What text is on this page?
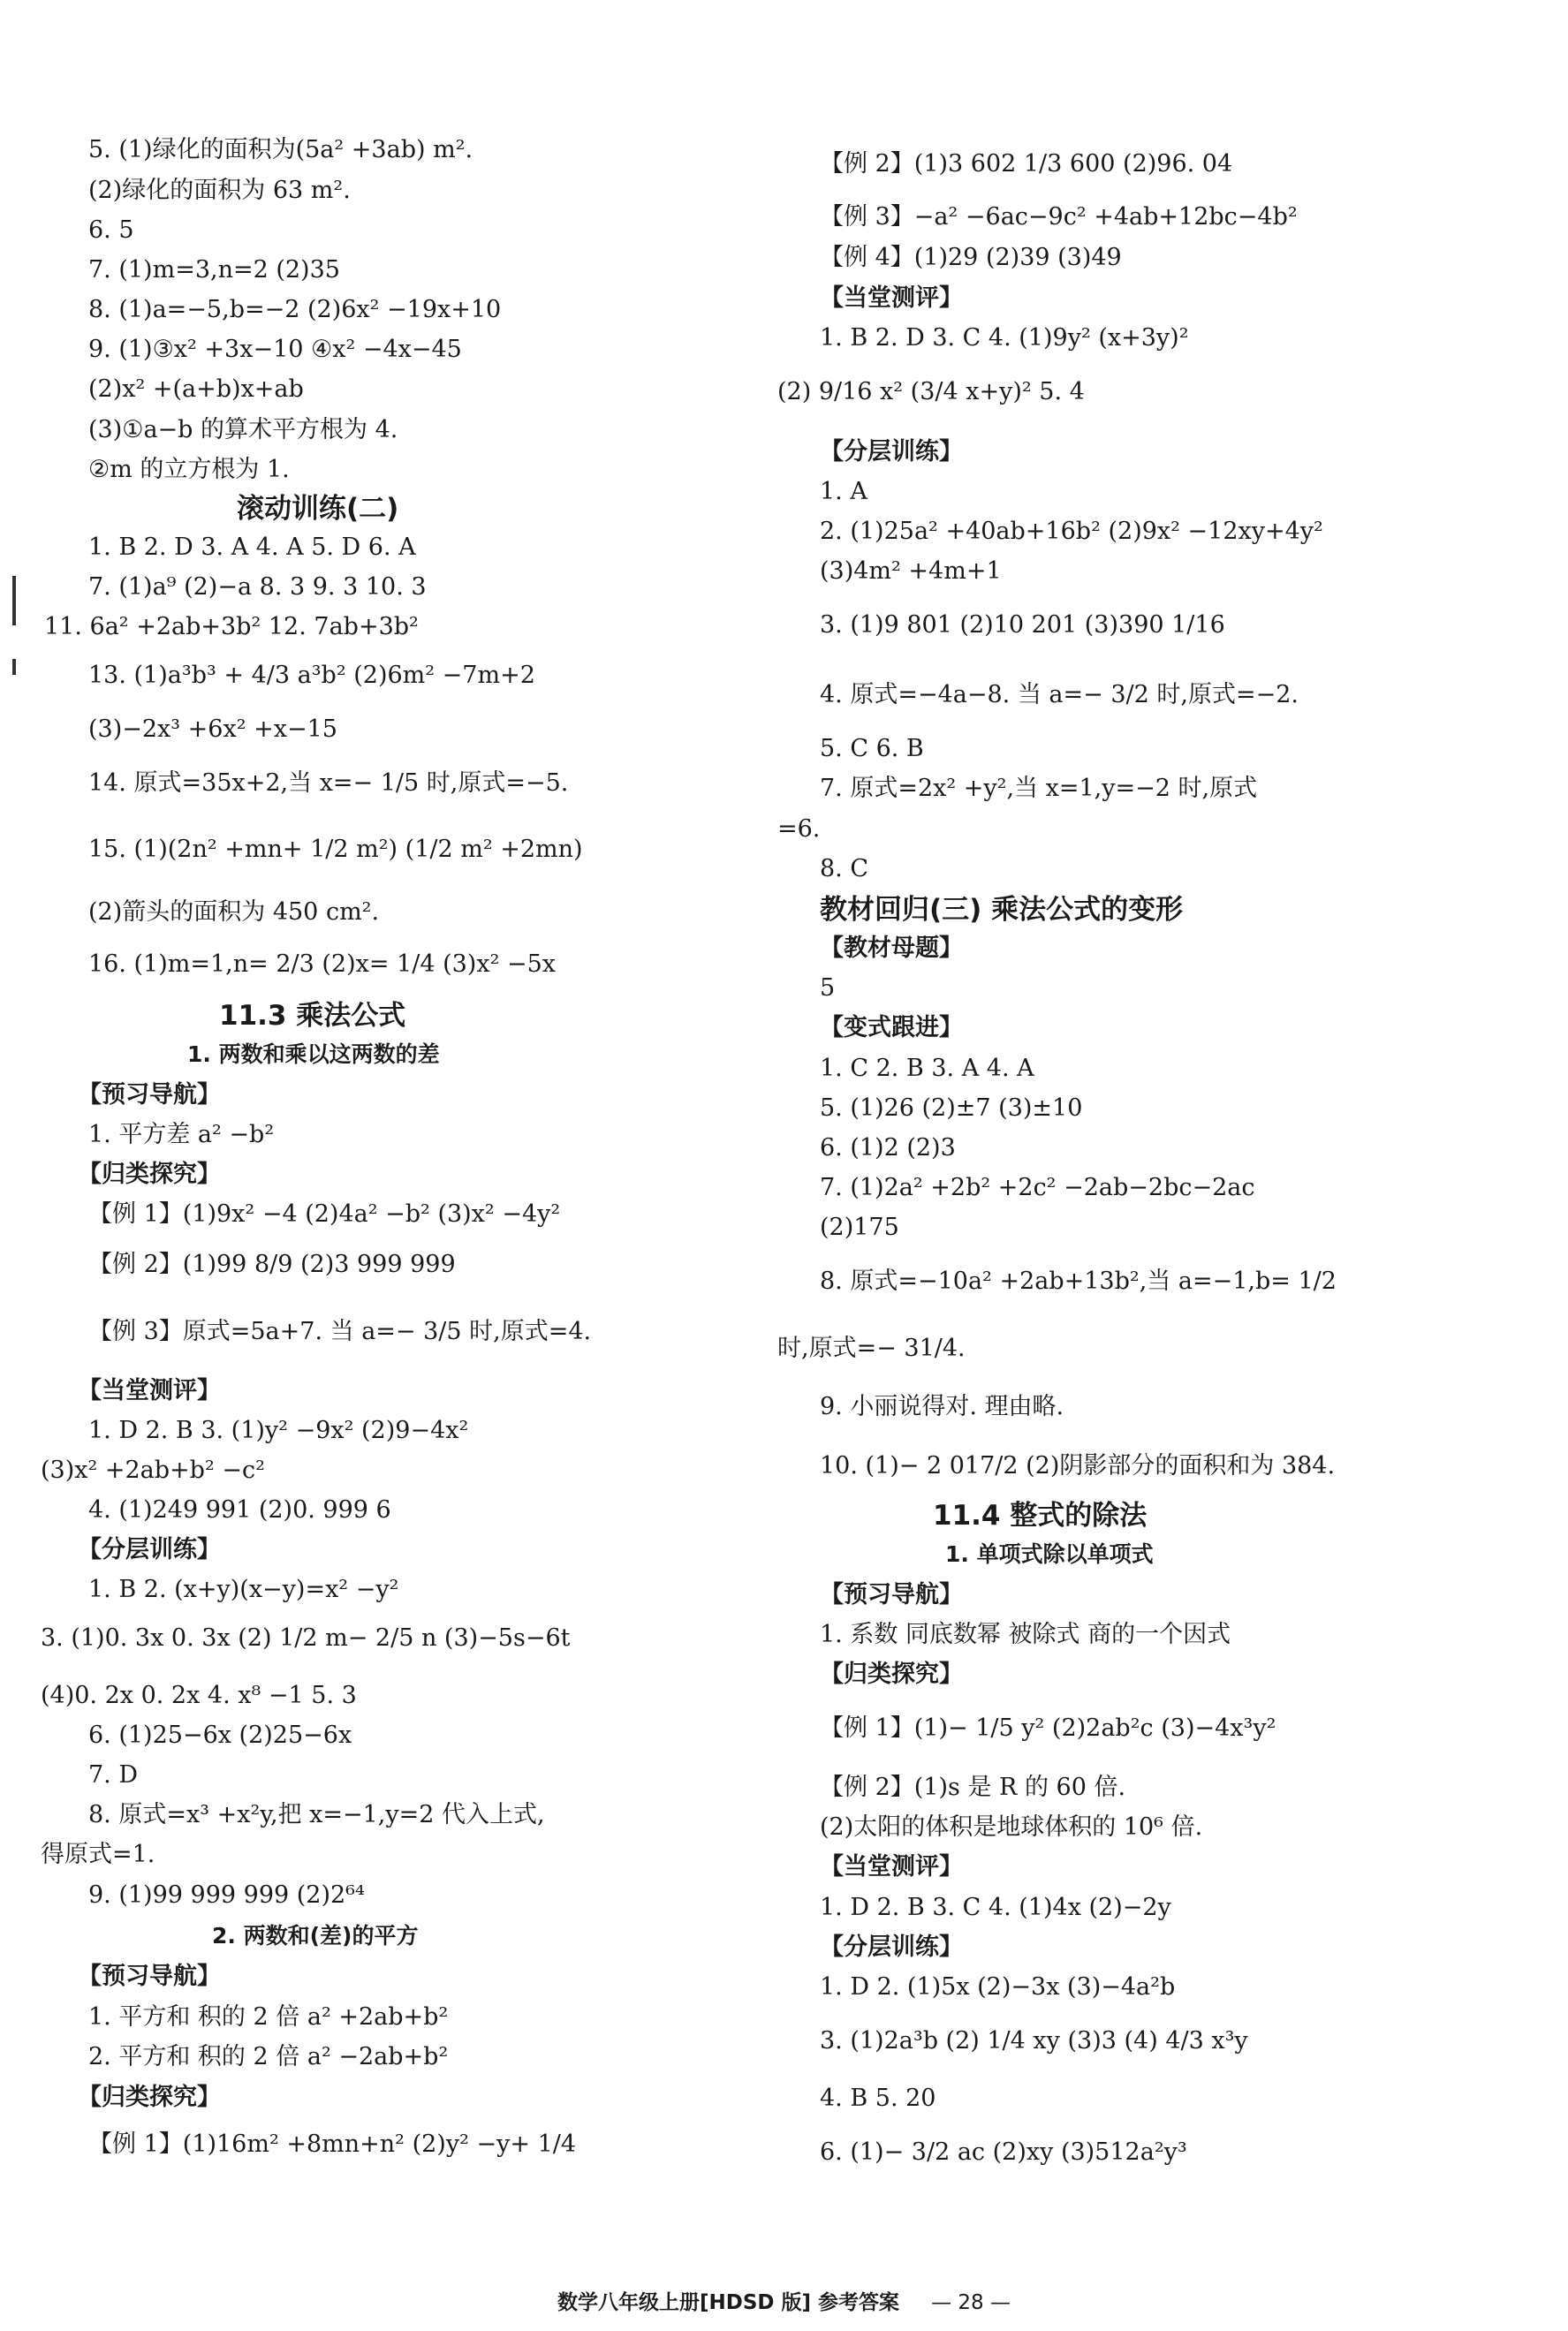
5. (1)绿化的面积为(5a² +3ab) m².
(2)绿化的面积为 63 m².
6. 5
7. (1)m=3,n=2 (2)35
8. (1)a=−5,b=−2 (2)6x² −19x+10
9. (1)③x² +3x−10 ④x² −4x−45
(2)x² +(a+b)x+ab
(3)①a−b 的算术平方根为 4.
②m 的立方根为 1.
滚动训练(二)
1. B 2. D 3. A 4. A 5. D 6. A
7. (1)a⁹ (2)−a 8. 3 9. 3 10. 3
11. 6a² +2ab+3b² 12. 7ab+3b²
13. (1)a³b³ + 4/3 a³b² (2)6m² −7m+2
(3)−2x³ +6x² +x−15
14. 原式=35x+2,当 x=− 1/5 时,原式=−5.
15. (1)(2n² +mn+ 1/2 m²) (1/2 m² +2mn)
(2)箭头的面积为 450 cm².
16. (1)m=1,n= 2/3 (2)x= 1/4 (3)x² −5x
11.3 乘法公式
1. 两数和乘以这两数的差
【预习导航】
1. 平方差 a² −b²
【归类探究】
【例 1】(1)9x² −4 (2)4a² −b² (3)x² −4y²
【例 2】(1)99 8/9 (2)3 999 999
【例 3】原式=5a+7. 当 a=− 3/5 时,原式=4.
【当堂测评】
1. D 2. B 3. (1)y² −9x² (2)9−4x²
(3)x² +2ab+b² −c²
4. (1)249 991 (2)0. 999 6
【分层训练】
1. B 2. (x+y)(x−y)=x² −y²
3. (1)0. 3x 0. 3x (2) 1/2 m− 2/5 n (3)−5s−6t
(4)0. 2x 0. 2x 4. x⁸ −1 5. 3
6. (1)25−6x (2)25−6x
7. D
8. 原式=x³ +x²y,把 x=−1,y=2 代入上式,
得原式=1.
9. (1)99 999 999 (2)2⁶⁴
2. 两数和(差)的平方
【预习导航】
1. 平方和 积的 2 倍 a² +2ab+b²
2. 平方和 积的 2 倍 a² −2ab+b²
【归类探究】
【例 1】(1)16m² +8mn+n² (2)y² −y+ 1/4
【例 2】(1)3 602 1/3 600 (2)96. 04
【例 3】−a² −6ac−9c² +4ab+12bc−4b²
【例 4】(1)29 (2)39 (3)49
【当堂测评】
1. B 2. D 3. C 4. (1)9y² (x+3y)²
(2) 9/16 x² (3/4 x+y)² 5. 4
【分层训练】
1. A
2. (1)25a² +40ab+16b² (2)9x² −12xy+4y²
(3)4m² +4m+1
3. (1)9 801 (2)10 201 (3)390 1/16
4. 原式=−4a−8. 当 a=− 3/2 时,原式=−2.
5. C 6. B
7. 原式=2x² +y²,当 x=1,y=−2 时,原式
=6.
8. C
教材回归(三) 乘法公式的变形
【教材母题】
5
【变式跟进】
1. C 2. B 3. A 4. A
5. (1)26 (2)±7 (3)±10
6. (1)2 (2)3
7. (1)2a² +2b² +2c² −2ab−2bc−2ac
(2)175
8. 原式=−10a² +2ab+13b²,当 a=−1,b= 1/2
时,原式=− 31/4.
9. 小丽说得对. 理由略.
10. (1)− 2 017/2 (2)阴影部分的面积和为 384.
11.4 整式的除法
1. 单项式除以单项式
【预习导航】
1. 系数 同底数幂 被除式 商的一个因式
【归类探究】
【例 1】(1)− 1/5 y² (2)2ab²c (3)−4x³y²
【例 2】(1)s 是 R 的 60 倍.
(2)太阳的体积是地球体积的 10⁶ 倍.
【当堂测评】
1. D 2. B 3. C 4. (1)4x (2)−2y
【分层训练】
1. D 2. (1)5x (2)−3x (3)−4a²b
3. (1)2a³b (2) 1/4 xy (3)3 (4) 4/3 x³y
4. B 5. 20
6. (1)− 3/2 ac (2)xy (3)512a²y³
数学八年级上册[HDSD 版] 参考答案 — 28 —
